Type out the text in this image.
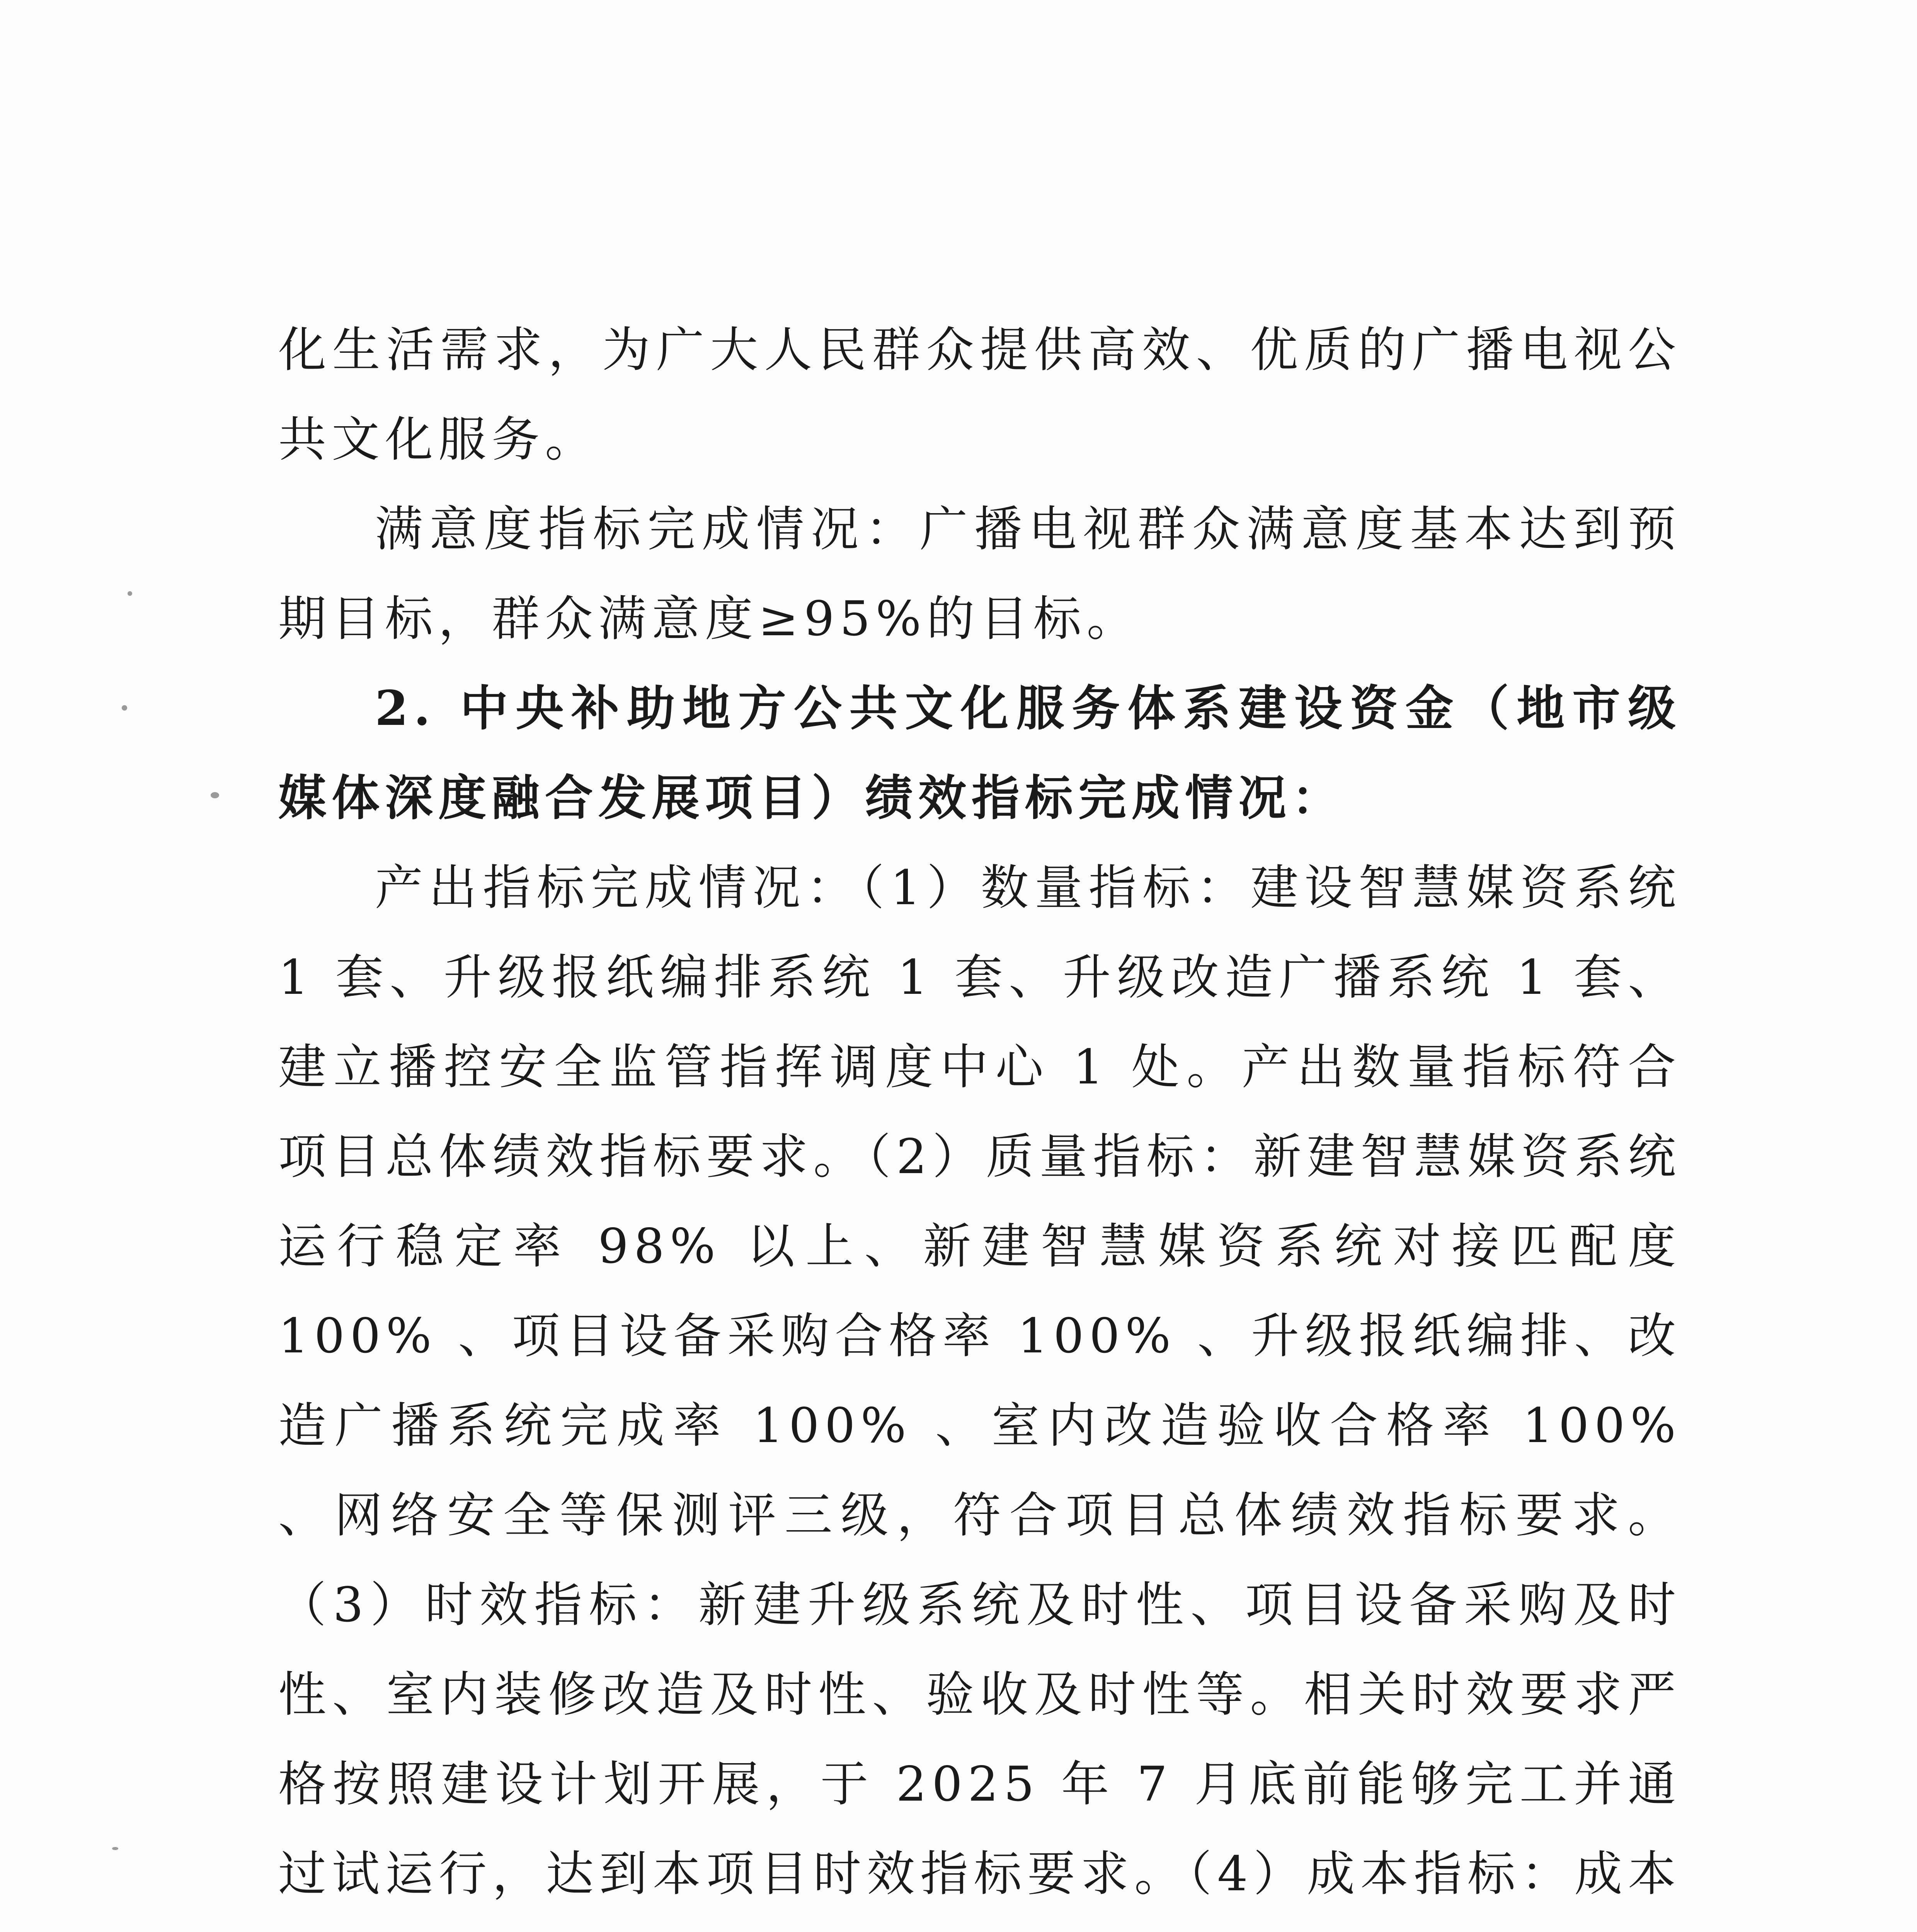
化生活需求，为广大人民群众提供高效、优质的广播电视公共文化服务。

满意度指标完成情况：广播电视群众满意度基本达到预期目标，群众满意度≥95%的目标。

2. 中央补助地方公共文化服务体系建设资金（地市级媒体深度融合发展项目）绩效指标完成情况：

产出指标完成情况：（1）数量指标：建设智慧媒资系统 1 套、升级报纸编排系统 1 套、升级改造广播系统 1 套、建立播控安全监管指挥调度中心 1 处。产出数量指标符合项目总体绩效指标要求。（2）质量指标：新建智慧媒资系统运行稳定率 98% 以上、新建智慧媒资系统对接匹配度 100% 、项目设备采购合格率 100% 、升级报纸编排、改造广播系统完成率 100% 、室内改造验收合格率 100% 、网络安全等保测评三级，符合项目总体绩效指标要求。（3）时效指标：新建升级系统及时性、项目设备采购及时性、室内装修改造及时性、验收及时性等。相关时效要求严格按照建设计划开展，于 2025 年 7 月底前能够完工并通过试运行，达到本项目时效指标要求。（4）成本指标：成本
